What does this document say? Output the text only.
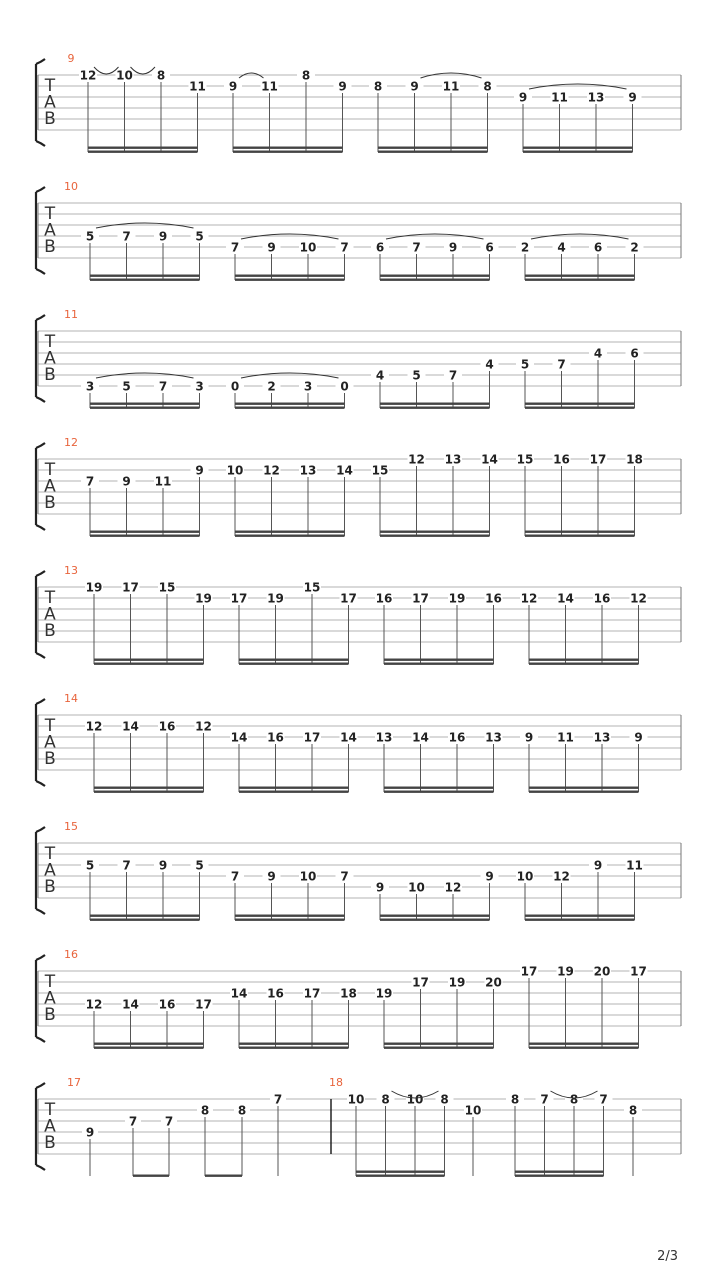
T
A
B
9
12 10 8
11 9 11
8
9 8 9 11 8
9 11 13 9
T
A
B
10
5 7 9 5
7 9 10 7 6 7 9 6 2 4 6 2
T
A
B
11
3 5 7 3 0 2 3 0
4 5 7
4 5 7
4 6
T
A
B
12
7 9 11
9 10 12 13 14 15
12 13 14 15 16 17 18
T
A
B
13
19 17 15
19 17 19
15
17 16 17 19 16 12 14 16 12
T
A
B
14
12 14 16 12
14 16 17 14 13 14 16 13 9 11 13 9
T
A
B
15
5 7 9 5
7 9 10 7
9 10 12
9 10 12
9 11
T
A
B
16
12 14 16 17
14 16 17 18 19
17 19 20
17 19 20 17
T
A
B
17	18
9
7 7
8 8
7	10 8 10 8
10
8 7 8 7
8
2/3
